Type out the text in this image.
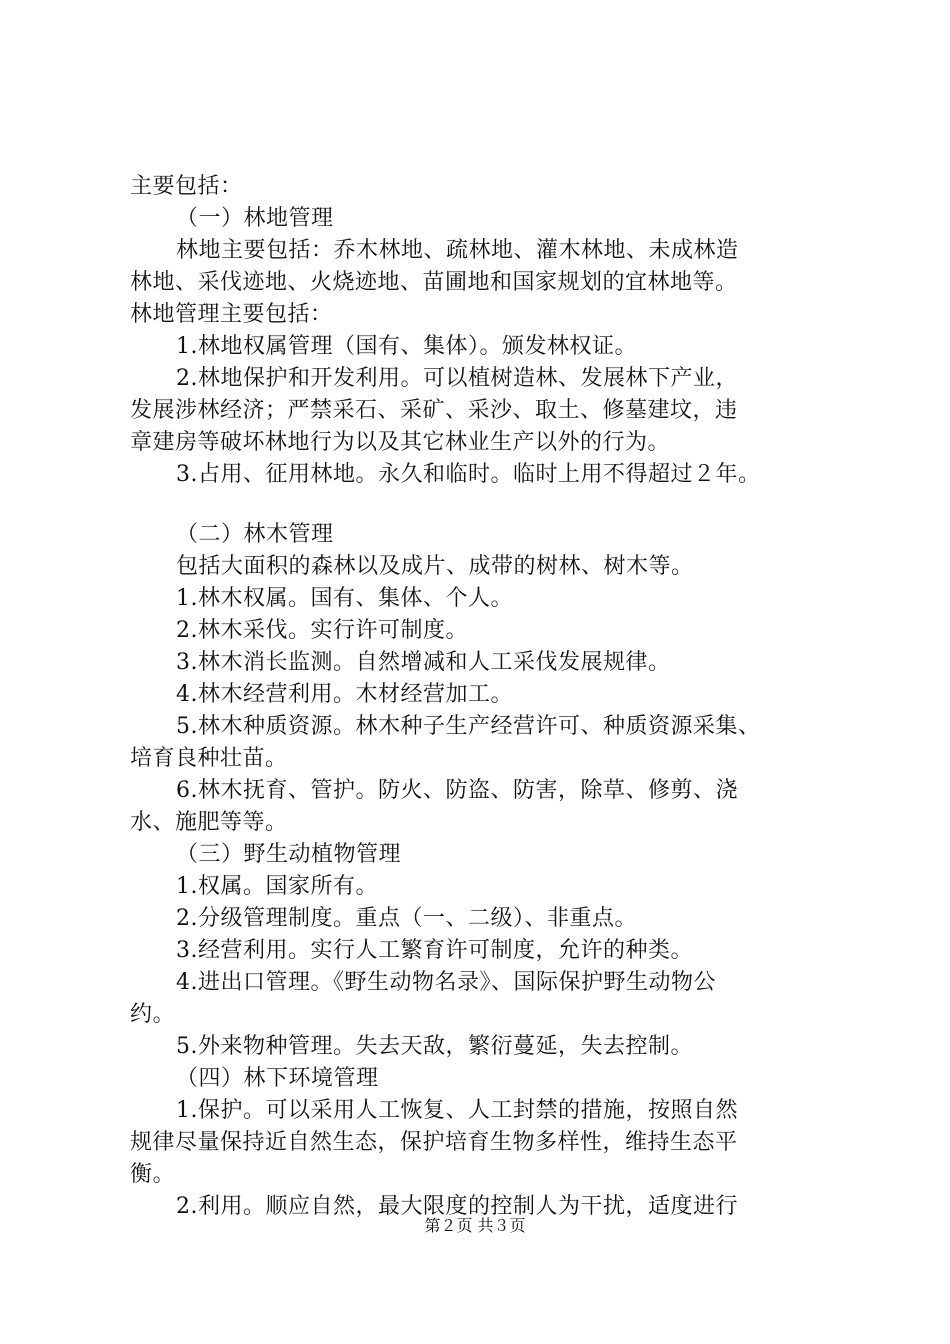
主要包括：
（一）林地管理
林地主要包括：乔木林地、疏林地、灌木林地、未成林造
林地、采伐迹地、火烧迹地、苗圃地和国家规划的宜林地等。
林地管理主要包括：
1.林地权属管理（国有、集体）。颁发林权证。
2.林地保护和开发利用。可以植树造林、发展林下产业，
发展涉林经济；严禁采石、采矿、采沙、取土、修墓建坟，违
章建房等破坏林地行为以及其它林业生产以外的行为。
3.占用、征用林地。永久和临时。临时上用不得超过２年。
（二）林木管理
包括大面积的森林以及成片、成带的树林、树木等。
1.林木权属。国有、集体、个人。
2.林木采伐。实行许可制度。
3.林木消长监测。自然增减和人工采伐发展规律。
4.林木经营利用。木材经营加工。
5.林木种质资源。林木种子生产经营许可、种质资源采集、
培育良种壮苗。
6.林木抚育、管护。防火、防盗、防害，除草、修剪、浇
水、施肥等等。
（三）野生动植物管理
1.权属。国家所有。
2.分级管理制度。重点（一、二级）、非重点。
3.经营利用。实行人工繁育许可制度，允许的种类。
4.进出口管理。《野生动物名录》、国际保护野生动物公
约。
5.外来物种管理。失去天敌，繁衍蔓延，失去控制。
（四）林下环境管理
1.保护。可以采用人工恢复、人工封禁的措施，按照自然
规律尽量保持近自然生态，保护培育生物多样性，维持生态平
衡。
2.利用。顺应自然，最大限度的控制人为干扰，适度进行
第２页 共３页
